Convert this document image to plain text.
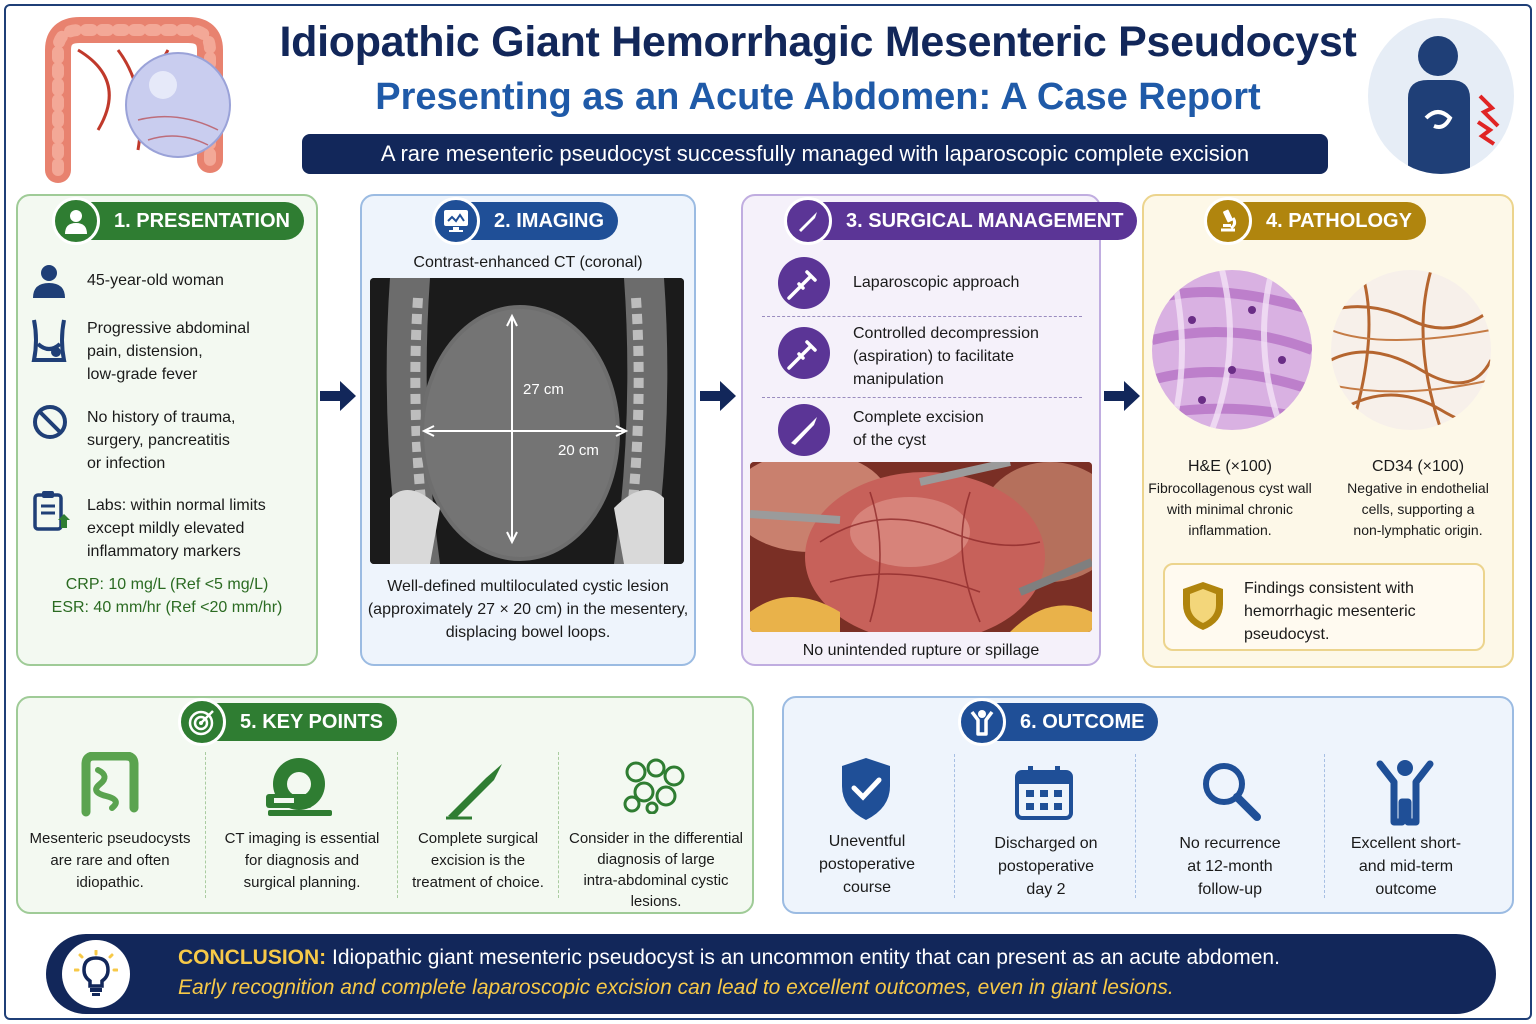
Idiopathic Giant Hemorrhagic Mesenteric Pseudocyst
Presenting as an Acute Abdomen: A Case Report
A rare mesenteric pseudocyst successfully managed with laparoscopic complete excision
1. PRESENTATION
45-year-old woman
Progressive abdominal
pain, distension,
low-grade fever
No history of trauma,
surgery, pancreatitis
or infection
Labs: within normal limits
except mildly elevated
inflammatory markers
CRP: 10 mg/L (Ref <5 mg/L)
ESR: 40 mm/hr (Ref <20 mm/hr)
2. IMAGING
Contrast-enhanced CT (coronal)
27 cm
20 cm
Well-defined multiloculated cystic lesion
(approximately 27 × 20 cm) in the mesentery,
displacing bowel loops.
3. SURGICAL MANAGEMENT
Laparoscopic approach
Controlled decompression
(aspiration) to facilitate
manipulation
Complete excision
of the cyst
No unintended rupture or spillage
4. PATHOLOGY
H&E (×100)
Fibrocollagenous cyst wall
with minimal chronic
inflammation.
CD34 (×100)
Negative in endothelial
cells, supporting a
non-lymphatic origin.
Findings consistent with
hemorrhagic mesenteric
pseudocyst.
5. KEY POINTS
Mesenteric pseudocysts
are rare and often
idiopathic.
CT imaging is essential
for diagnosis and
surgical planning.
Complete surgical
excision is the
treatment of choice.
Consider in the differential
diagnosis of large
intra-abdominal cystic
lesions.
6. OUTCOME
Uneventful
postoperative
course
Discharged on
postoperative
day 2
No recurrence
at 12-month
follow-up
Excellent short-
and mid-term
outcome
CONCLUSION: Idiopathic giant mesenteric pseudocyst is an uncommon entity that can present as an acute abdomen.
Early recognition and complete laparoscopic excision can lead to excellent outcomes, even in giant lesions.
